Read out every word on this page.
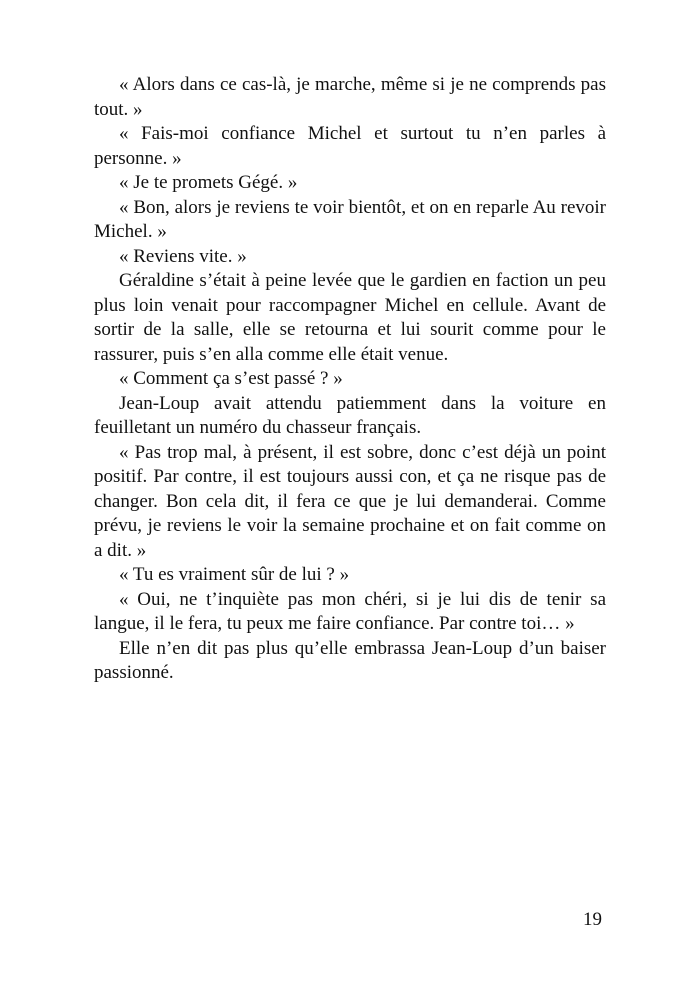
« Alors dans ce cas-là, je marche, même si je ne comprends pas tout. »

« Fais-moi confiance Michel et surtout tu n’en parles à personne. »

« Je te promets Gégé. »

« Bon, alors je reviens te voir bientôt, et on en reparle Au revoir Michel. »

« Reviens vite. »

Géraldine s’était à peine levée que le gardien en faction un peu plus loin venait pour raccompagner Michel en cellule. Avant de sortir de la salle, elle se retourna et lui sourit comme pour le rassurer, puis s’en alla comme elle était venue.

« Comment ça s’est passé ? »

Jean-Loup avait attendu patiemment dans la voiture en feuilletant un numéro du chasseur français.

« Pas trop mal, à présent, il est sobre, donc c’est déjà un point positif. Par contre, il est toujours aussi con, et ça ne risque pas de changer. Bon cela dit, il fera ce que je lui demanderai. Comme prévu, je reviens le voir la semaine prochaine et on fait comme on a dit. »

« Tu es vraiment sûr de lui ? »

« Oui, ne t’inquiète pas mon chéri, si je lui dis de tenir sa langue, il le fera, tu peux me faire confiance. Par contre toi… »

Elle n’en dit pas plus qu’elle embrassa Jean-Loup d’un baiser passionné.

19
